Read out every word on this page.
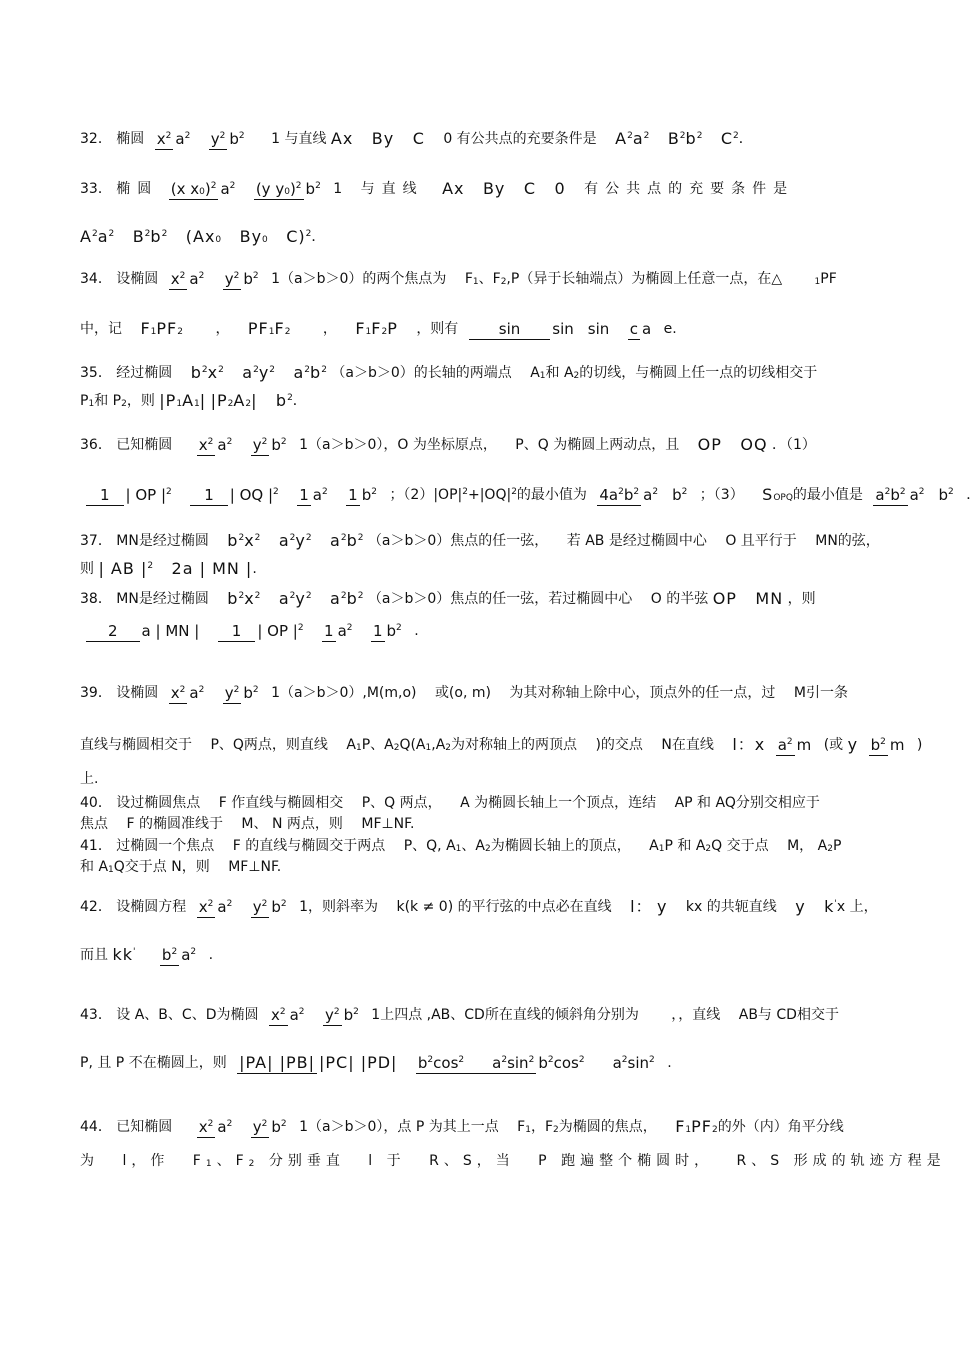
32． 椭圆 x2 a2 y2 b2 1 与直线 Ax By C 0 有公共点的充要条件是 A2a2 B2b2 C2．
33． 椭圆 (x x0)2 a2 (y y0)2 b2 1 与直线 Ax By C 0 有公共点的充要条件是
A2a2 B2b2 (Ax0 By0 C)2．
34． 设椭圆 x2 a2 y2 b2 1（a＞b＞0）的两个焦点为 F1、F2,P（异于长轴端点）为椭圆上任意一点，在△	1PF
中，记 F1PF2 ， PF1F2 ， F1F2P ，则有	sin sin sin c a e.
35． 经过椭圆 b2x2 a2y2 a2b2 （a＞b＞0）的长轴的两端点 A1和 A2的切线，与椭圆上任一点的切线相交于
P1和 P2，则 |P1A1| |P2A2| b2．
36． 已知椭圆 x2 a2 y2 b2 1（a＞b＞0），O 为坐标原点， P、Q 为椭圆上两动点，且 OP OQ ．（1）
1 | OP |2 1 | OQ |2 1 a2 1 b2 ；（2）|OP|2+|OQ|2的最小值为 4a2b2 a2 b2 ；（3） SOPQ的最小值是 a2b2 a2 b2 ．
37． MN是经过椭圆 b2x2 a2y2 a2b2 （a＞b＞0）焦点的任一弦， 若 AB 是经过椭圆中心 O 且平行于 MN的弦，
则 | AB |2 2a | MN |.
38． MN是经过椭圆 b2x2 a2y2 a2b2 （a＞b＞0）焦点的任一弦，若过椭圆中心 O 的半弦 OP MN ，则
2 a | MN | 1 | OP |2 1 a2 1 b2 .
39． 设椭圆 x2 a2 y2 b2 1（a＞b＞0）,M(m,o) 或(o, m) 为其对称轴上除中心，顶点外的任一点，过 M引一条
直线与椭圆相交于 P、Q两点，则直线 A1P、A2Q(A1,A2为对称轴上的两顶点 )的交点 N在直线 l：x a2 m (或 y b2 m )
上.
40． 设过椭圆焦点 F 作直线与椭圆相交 P、Q 两点， A 为椭圆长轴上一个顶点，连结 AP 和 AQ分别交相应于
焦点 F 的椭圆准线于 M、 N 两点，则 MF⊥NF.
41． 过椭圆一个焦点 F 的直线与椭圆交于两点 P、Q, A1、A2为椭圆长轴上的顶点， A1P 和 A2Q 交于点 M， A2P
和 A1Q交于点 N，则 MF⊥NF.
42． 设椭圆方程 x2 a2 y2 b2 1，则斜率为 k(k ≠ 0) 的平行弦的中点必在直线 l： y kx 的共轭直线 y k'x 上，
而且 kk' b2 a2 .
43． 设 A、B、C、D为椭圆 x2 a2 y2 b2 1上四点 ,AB、CD所在直线的倾斜角分别为 ，，直线 AB与 CD相交于
P, 且 P 不在椭圆上，则 |PA| |PB| |PC| |PD| b2cos2 a2sin2 b2cos2 a2sin2 .
44． 已知椭圆 x2 a2 y2 b2 1（a＞b＞0），点 P 为其上一点 F1，F2为椭圆的焦点， F1PF2的外（内）角平分线
为 l，作 F1、F2 分别垂直 l 于 R、S，当 P 跑遍整个椭圆时， R、S 形成的轨迹方程是
